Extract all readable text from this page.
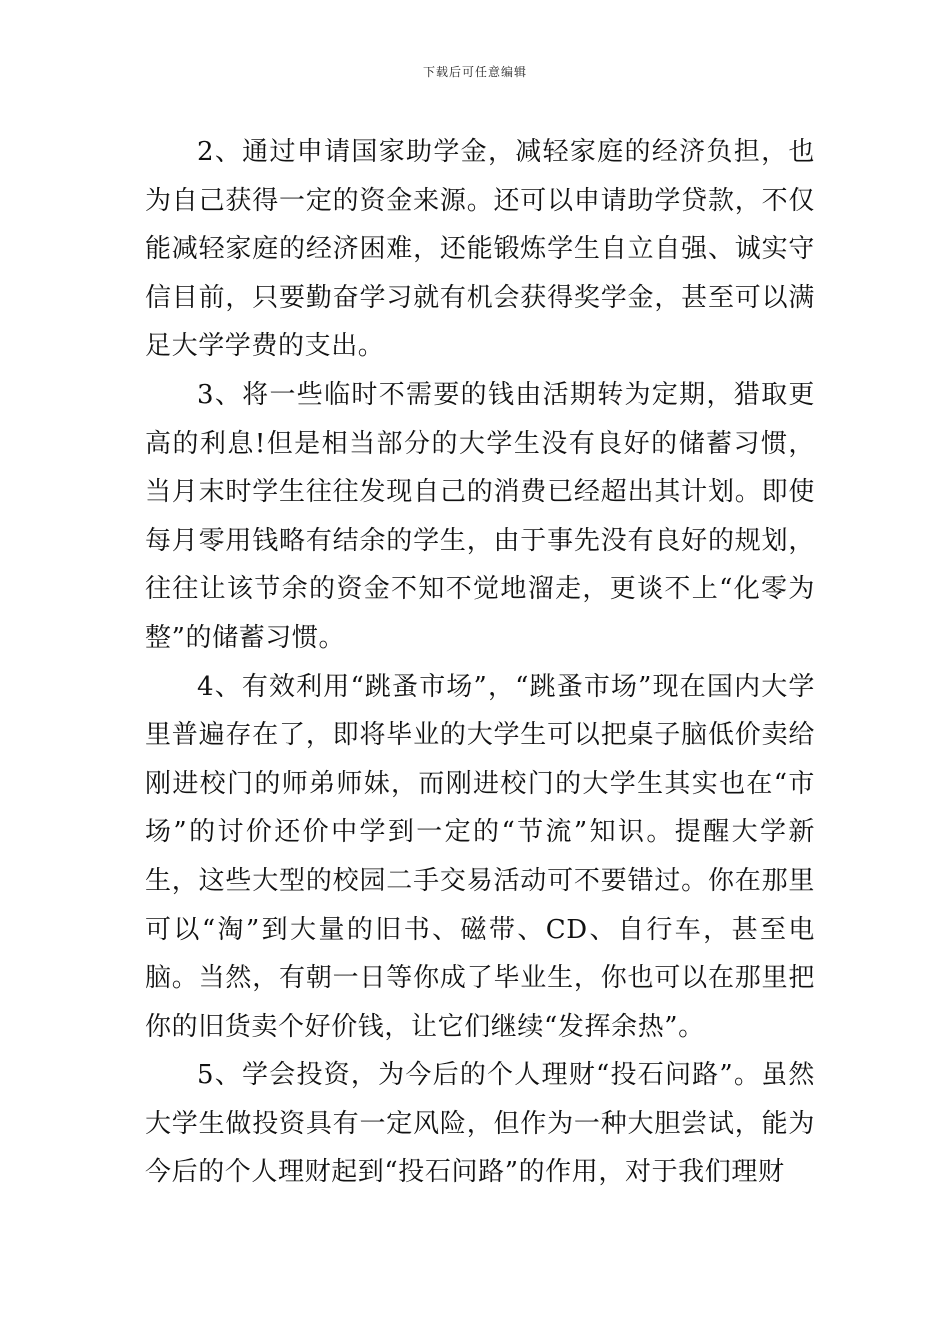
下载后可任意编辑

2、通过申请国家助学金，减轻家庭的经济负担，也为自己获得一定的资金来源。还可以申请助学贷款，不仅能减轻家庭的经济困难，还能锻炼学生自立自强、诚实守信目前，只要勤奋学习就有机会获得奖学金，甚至可以满足大学学费的支出。

3、将一些临时不需要的钱由活期转为定期，猎取更高的利息!但是相当部分的大学生没有良好的储蓄习惯，当月末时学生往往发现自己的消费已经超出其计划。即使每月零用钱略有结余的学生，由于事先没有良好的规划，往往让该节余的资金不知不觉地溜走，更谈不上“化零为整”的储蓄习惯。

4、有效利用“跳蚤市场”，“跳蚤市场”现在国内大学里普遍存在了，即将毕业的大学生可以把桌子脑低价卖给刚进校门的师弟师妹，而刚进校门的大学生其实也在“市场”的讨价还价中学到一定的“节流”知识。提醒大学新生，这些大型的校园二手交易活动可不要错过。你在那里可以“淘”到大量的旧书、磁带、CD、自行车，甚至电脑。当然，有朝一日等你成了毕业生，你也可以在那里把你的旧货卖个好价钱，让它们继续“发挥余热”。

5、学会投资，为今后的个人理财“投石问路”。虽然大学生做投资具有一定风险，但作为一种大胆尝试，能为今后的个人理财起到“投石问路”的作用，对于我们理财
